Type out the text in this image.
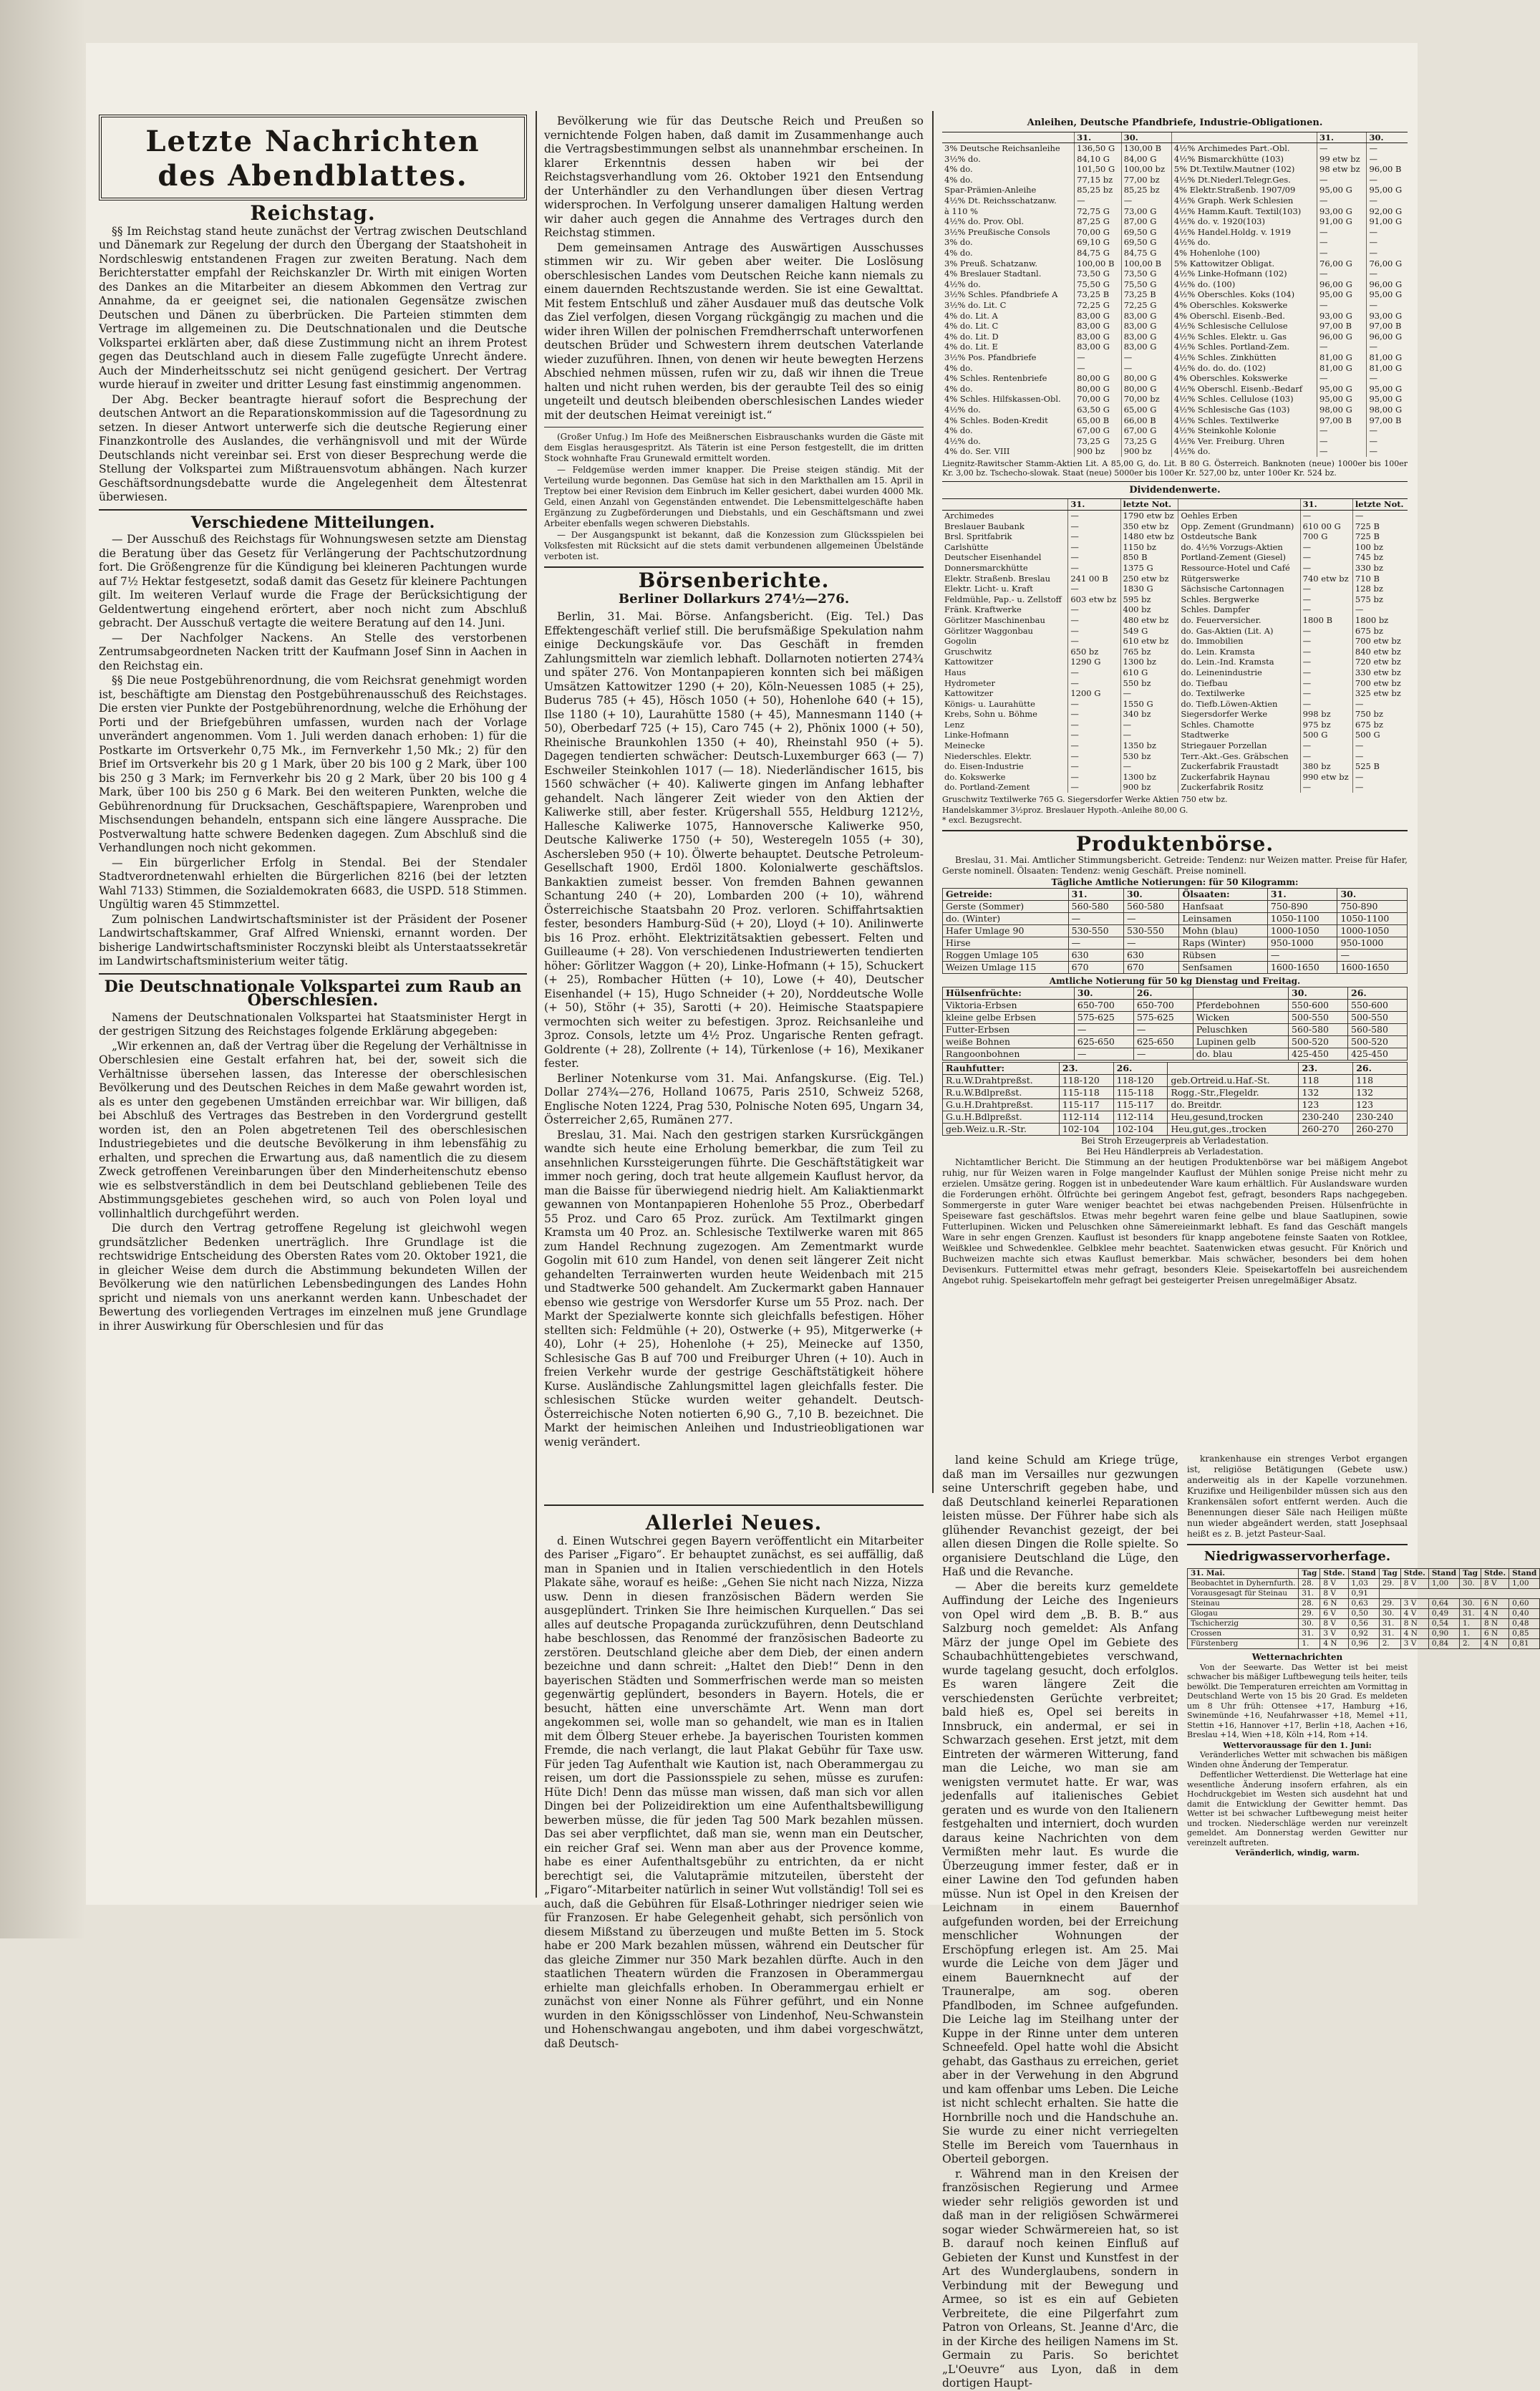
Letzte Nachrichten
des Abendblattes.
Reichstag.

§§ Im Reichstag stand heute zunächst der Vertrag zwischen Deutschland und Dänemark zur Regelung der durch den Übergang der Staatshoheit in Nordschleswig entstandenen Fragen zur zweiten Beratung. Nach dem Berichterstatter empfahl der Reichskanzler Dr. Wirth mit einigen Worten des Dankes an die Mitarbeiter an diesem Abkommen den Vertrag zur Annahme, da er geeignet sei, die nationalen Gegensätze zwischen Deutschen und Dänen zu überbrücken. Die Parteien stimmten dem Vertrage im allgemeinen zu. Die Deutschnationalen und die Deutsche Volkspartei erklärten aber, daß diese Zustimmung nicht an ihrem Protest gegen das Deutschland auch in diesem Falle zugefügte Unrecht ändere. Auch der Minderheitsschutz sei nicht genügend gesichert. Der Vertrag wurde hierauf in zweiter und dritter Lesung fast einstimmig angenommen.

Der Abg. Becker beantragte hierauf sofort die Besprechung der deutschen Antwort an die Reparationskommission auf die Tagesordnung zu setzen. In dieser Antwort unterwerfe sich die deutsche Regierung einer Finanzkontrolle des Auslandes, die verhängnisvoll und mit der Würde Deutschlands nicht vereinbar sei. Erst von dieser Besprechung werde die Stellung der Volkspartei zum Mißtrauensvotum abhängen. Nach kurzer Geschäftsordnungsdebatte wurde die Angelegenheit dem Ältestenrat überwiesen.

Verschiedene Mitteilungen.

— Der Ausschuß des Reichstags für Wohnungswesen setzte am Dienstag die Beratung über das Gesetz für Verlängerung der Pachtschutzordnung fort. Die Größengrenze für die Kündigung bei kleineren Pachtungen wurde auf 7½ Hektar festgesetzt, sodaß damit das Gesetz für kleinere Pachtungen gilt. Im weiteren Verlauf wurde die Frage der Berücksichtigung der Geldentwertung eingehend erörtert, aber noch nicht zum Abschluß gebracht. Der Ausschuß vertagte die weitere Beratung auf den 14. Juni.

— Der Nachfolger Nackens. An Stelle des verstorbenen Zentrumsabgeordneten Nacken tritt der Kaufmann Josef Sinn in Aachen in den Reichstag ein.

§§ Die neue Postgebührenordnung, die vom Reichsrat genehmigt worden ist, beschäftigte am Dienstag den Postgebührenausschuß des Reichstages. Die ersten vier Punkte der Postgebührenordnung, welche die Erhöhung der Porti und der Briefgebühren umfassen, wurden nach der Vorlage unverändert angenommen. Vom 1. Juli werden danach erhoben: 1) für die Postkarte im Ortsverkehr 0,75 Mk., im Fernverkehr 1,50 Mk.; 2) für den Brief im Ortsverkehr bis 20 g 1 Mark, über 20 bis 100 g 2 Mark, über 100 bis 250 g 3 Mark; im Fernverkehr bis 20 g 2 Mark, über 20 bis 100 g 4 Mark, über 100 bis 250 g 6 Mark. Bei den weiteren Punkten, welche die Gebührenordnung für Drucksachen, Geschäftspapiere, Warenproben und Mischsendungen behandeln, entspann sich eine längere Aussprache. Die Postverwaltung hatte schwere Bedenken dagegen. Zum Abschluß sind die Verhandlungen noch nicht gekommen.

— Ein bürgerlicher Erfolg in Stendal. Bei der Stendaler Stadtverordnetenwahl erhielten die Bürgerlichen 8216 (bei der letzten Wahl 7133) Stimmen, die Sozialdemokraten 6683, die USPD. 518 Stimmen. Ungültig waren 45 Stimmzettel.

Zum polnischen Landwirtschaftsminister ist der Präsident der Posener Landwirtschaftskammer, Graf Alfred Wnienski, ernannt worden. Der bisherige Landwirtschaftsminister Roczynski bleibt als Unterstaatssekretär im Landwirtschaftsministerium weiter tätig.

Die Deutschnationale Volkspartei zum Raub an Oberschlesien.

Namens der Deutschnationalen Volkspartei hat Staatsminister Hergt in der gestrigen Sitzung des Reichstages folgende Erklärung abgegeben:

„Wir erkennen an, daß der Vertrag über die Regelung der Verhältnisse in Oberschlesien eine Gestalt erfahren hat, bei der, soweit sich die Verhältnisse übersehen lassen, das Interesse der oberschlesischen Bevölkerung und des Deutschen Reiches in dem Maße gewahrt worden ist, als es unter den gegebenen Umständen erreichbar war. Wir billigen, daß bei Abschluß des Vertrages das Bestreben in den Vordergrund gestellt worden ist, den an Polen abgetretenen Teil des oberschlesischen Industriegebietes und die deutsche Bevölkerung in ihm lebensfähig zu erhalten, und sprechen die Erwartung aus, daß namentlich die zu diesem Zweck getroffenen Vereinbarungen über den Minderheitenschutz ebenso wie es selbstverständlich in dem bei Deutschland gebliebenen Teile des Abstimmungsgebietes geschehen wird, so auch von Polen loyal und vollinhaltlich durchgeführt werden.

Die durch den Vertrag getroffene Regelung ist gleichwohl wegen grundsätzlicher Bedenken unerträglich. Ihre Grundlage ist die rechtswidrige Entscheidung des Obersten Rates vom 20. Oktober 1921, die in gleicher Weise dem durch die Abstimmung bekundeten Willen der Bevölkerung wie den natürlichen Lebensbedingungen des Landes Hohn spricht und niemals von uns anerkannt werden kann. Unbeschadet der Bewertung des vorliegenden Vertrages im einzelnen muß jene Grundlage in ihrer Auswirkung für Oberschlesien und für das

Bevölkerung wie für das Deutsche Reich und Preußen so vernichtende Folgen haben, daß damit im Zusammenhange auch die Vertragsbestimmungen selbst als unannehmbar erscheinen. In klarer Erkenntnis dessen haben wir bei der Reichstagsverhandlung vom 26. Oktober 1921 den Entsendung der Unterhändler zu den Verhandlungen über diesen Vertrag widersprochen. In Verfolgung unserer damaligen Haltung werden wir daher auch gegen die Annahme des Vertrages durch den Reichstag stimmen.

Dem gemeinsamen Antrage des Auswärtigen Ausschusses stimmen wir zu. Wir geben aber weiter. Die Loslösung oberschlesischen Landes vom Deutschen Reiche kann niemals zu einem dauernden Rechtszustande werden. Sie ist eine Gewalttat. Mit festem Entschluß und zäher Ausdauer muß das deutsche Volk das Ziel verfolgen, diesen Vorgang rückgängig zu machen und die wider ihren Willen der polnischen Fremdherrschaft unterworfenen deutschen Brüder und Schwestern ihrem deutschen Vaterlande wieder zuzuführen. Ihnen, von denen wir heute bewegten Herzens Abschied nehmen müssen, rufen wir zu, daß wir ihnen die Treue halten und nicht ruhen werden, bis der geraubte Teil des so einig ungeteilt und deutsch bleibenden oberschlesischen Landes wieder mit der deutschen Heimat vereinigt ist.“

(Großer Unfug.) Im Hofe des Meißnerschen Eisbrauschanks wurden die Gäste mit dem Eisglas herausgespritzt. Als Täterin ist eine Person festgestellt, die im dritten Stock wohnhafte Frau Grunewald ermittelt worden.

— Feldgemüse werden immer knapper. Die Preise steigen ständig. Mit der Verteilung wurde begonnen. Das Gemüse hat sich in den Markthallen am 15. April in Treptow bei einer Revision dem Einbruch im Keller gesichert, dabei wurden 4000 Mk. Geld, einen Anzahl von Gegenständen entwendet. Die Lebensmittelgeschäfte haben Ergänzung zu Zugbeförderungen und Diebstahls, und ein Geschäftsmann und zwei Arbeiter ebenfalls wegen schweren Diebstahls.

— Der Ausgangspunkt ist bekannt, daß die Konzession zum Glücksspielen bei Volksfesten mit Rücksicht auf die stets damit verbundenen allgemeinen Übelstände verboten ist.

Börsenberichte.
Berliner Dollarkurs 274½—276.

Berlin, 31. Mai. Börse. Anfangsbericht. (Eig. Tel.) Das Effektengeschäft verlief still. Die berufsmäßige Spekulation nahm einige Deckungskäufe vor. Das Geschäft in fremden Zahlungsmitteln war ziemlich lebhaft. Dollarnoten notierten 274¾ und später 276. Von Montanpapieren konnten sich bei mäßigen Umsätzen Kattowitzer 1290 (+ 20), Köln-Neuessen 1085 (+ 25), Buderus 785 (+ 45), Hösch 1050 (+ 50), Hohenlohe 640 (+ 15), Ilse 1180 (+ 10), Laurahütte 1580 (+ 45), Mannesmann 1140 (+ 50), Oberbedarf 725 (+ 15), Caro 745 (+ 2), Phönix 1000 (+ 50), Rheinische Braunkohlen 1350 (+ 40), Rheinstahl 950 (+ 5). Dagegen tendierten schwächer: Deutsch-Luxemburger 663 (— 7) Eschweiler Steinkohlen 1017 (— 18). Niederländischer 1615, bis 1560 schwächer (+ 40). Kaliwerte gingen im Anfang lebhafter gehandelt. Nach längerer Zeit wieder von den Aktien der Kaliwerke still, aber fester. Krügershall 555, Heldburg 1212½, Hallesche Kaliwerke 1075, Hannoversche Kaliwerke 950, Deutsche Kaliwerke 1750 (+ 50), Westeregeln 1055 (+ 30), Aschersleben 950 (+ 10). Ölwerte behauptet. Deutsche Petroleum-Gesellschaft 1900, Erdöl 1800. Kolonialwerte geschäftslos. Bankaktien zumeist besser. Von fremden Bahnen gewannen Schantung 240 (+ 20), Lombarden 200 (+ 10), während Österreichische Staatsbahn 20 Proz. verloren. Schiffahrtsaktien fester, besonders Hamburg-Süd (+ 20), Lloyd (+ 10). Anilinwerte bis 16 Proz. erhöht. Elektrizitätsaktien gebessert. Felten und Guilleaume (+ 28). Von verschiedenen Industriewerten tendierten höher: Görlitzer Waggon (+ 20), Linke-Hofmann (+ 15), Schuckert (+ 25), Rombacher Hütten (+ 10), Lowe (+ 40), Deutscher Eisenhandel (+ 15), Hugo Schneider (+ 20), Norddeutsche Wolle (+ 50), Stöhr (+ 35), Sarotti (+ 20). Heimische Staatspapiere vermochten sich weiter zu befestigen. 3proz. Reichsanleihe und 3proz. Consols, letzte um 4½ Proz. Ungarische Renten gefragt. Goldrente (+ 28), Zollrente (+ 14), Türkenlose (+ 16), Mexikaner fester.

Berliner Notenkurse vom 31. Mai. Anfangskurse. (Eig. Tel.) Dollar 274¾—276, Holland 10675, Paris 2510, Schweiz 5268, Englische Noten 1224, Prag 530, Polnische Noten 695, Ungarn 34, Österreicher 2,65, Rumänen 277.

Breslau, 31. Mai. Nach den gestrigen starken Kursrückgängen wandte sich heute eine Erholung bemerkbar, die zum Teil zu ansehnlichen Kurssteigerungen führte. Die Geschäftstätigkeit war immer noch gering, doch trat heute allgemein Kauflust hervor, da man die Baisse für überwiegend niedrig hielt. Am Kaliaktienmarkt gewannen von Montanpapieren Hohenlohe 55 Proz., Oberbedarf 55 Proz. und Caro 65 Proz. zurück. Am Textilmarkt gingen Kramsta um 40 Proz. an. Schlesische Textilwerke waren mit 865 zum Handel Rechnung zugezogen. Am Zementmarkt wurde Gogolin mit 610 zum Handel, von denen seit längerer Zeit nicht gehandelten Terrainwerten wurden heute Weidenbach mit 215 und Stadtwerke 500 gehandelt. Am Zuckermarkt gaben Hannauer ebenso wie gestrige von Wersdorfer Kurse um 55 Proz. nach. Der Markt der Spezialwerte konnte sich gleichfalls befestigen. Höher stellten sich: Feldmühle (+ 20), Ostwerke (+ 95), Mitgerwerke (+ 40), Lohr (+ 25), Hohenlohe (+ 25), Meinecke auf 1350, Schlesische Gas B auf 700 und Freiburger Uhren (+ 10). Auch in freien Verkehr wurde der gestrige Geschäftstätigkeit höhere Kurse. Ausländische Zahlungsmittel lagen gleichfalls fester. Die schlesischen Stücke wurden weiter gehandelt. Deutsch-Österreichische Noten notierten 6,90 G., 7,10 B. bezeichnet. Die Markt der heimischen Anleihen und Industrieobligationen war wenig verändert.

Allerlei Neues.

d. Einen Wutschrei gegen Bayern veröffentlicht ein Mitarbeiter des Pariser „Figaro“. Er behauptet zunächst, es sei auffällig, daß man in Spanien und in Italien verschiedentlich in den Hotels Plakate sähe, worauf es heiße: „Gehen Sie nicht nach Nizza, Nizza usw. Denn in diesen französischen Bädern werden Sie ausgeplündert. Trinken Sie Ihre heimischen Kurquellen.“ Das sei alles auf deutsche Propaganda zurückzuführen, denn Deutschland habe beschlossen, das Renommé der französischen Badeorte zu zerstören. Deutschland gleiche aber dem Dieb, der einen andern bezeichne und dann schreit: „Haltet den Dieb!“ Denn in den bayerischen Städten und Sommerfrischen werde man so meisten gegenwärtig geplündert, besonders in Bayern. Hotels, die er besucht, hätten eine unverschämte Art. Wenn man dort angekommen sei, wolle man so gehandelt, wie man es in Italien mit dem Ölberg Steuer erhebe. Ja bayerischen Touristen kommen Fremde, die nach verlangt, die laut Plakat Gebühr für Taxe usw. Für jeden Tag Aufenthalt wie Kaution ist, nach Oberammergau zu reisen, um dort die Passionsspiele zu sehen, müsse es zurufen: Hüte Dich! Denn das müsse man wissen, daß man sich vor allen Dingen bei der Polizeidirektion um eine Aufenthaltsbewilligung bewerben müsse, die für jeden Tag 500 Mark bezahlen müssen. Das sei aber verpflichtet, daß man sie, wenn man ein Deutscher, ein reicher Graf sei. Wenn man aber aus der Provence komme, habe es einer Aufenthaltsgebühr zu entrichten, da er nicht berechtigt sei, die Valutaprämie mitzuteilen, übersteht der „Figaro“-Mitarbeiter natürlich in seiner Wut vollständig! Toll sei es auch, daß die Gebühren für Elsaß-Lothringer niedriger seien wie für Franzosen. Er habe Gelegenheit gehabt, sich persönlich von diesem Mißstand zu überzeugen und mußte Betten im 5. Stock habe er 200 Mark bezahlen müssen, während ein Deutscher für das gleiche Zimmer nur 350 Mark bezahlen dürfte. Auch in den staatlichen Theatern würden die Franzosen in Oberammergau erhielte man gleichfalls erhoben. In Oberammergau erhielt er zunächst von einer Nonne als Führer geführt, und ein Nonne wurden in den Königsschlösser von Lindenhof, Neu-Schwanstein und Hohenschwangau angeboten, und ihm dabei vorgeschwätzt, daß Deutsch-

land keine Schuld am Kriege trüge, daß man im Versailles nur gezwungen seine Unterschrift gegeben habe, und daß Deutschland keinerlei Reparationen leisten müsse. Der Führer habe sich als glühender Revanchist gezeigt, der bei allen diesen Dingen die Rolle spielte. So organisiere Deutschland die Lüge, den Haß und die Revanche.

— Aber die bereits kurz gemeldete Auffindung der Leiche des Ingenieurs von Opel wird dem „B. B. B.“ aus Salzburg noch gemeldet: Als Anfang März der junge Opel im Gebiete des Schaubachhüttengebietes verschwand, wurde tagelang gesucht, doch erfolglos. Es waren längere Zeit die verschiedensten Gerüchte verbreitet; bald hieß es, Opel sei bereits in Innsbruck, ein andermal, er sei in Schwarzach gesehen. Erst jetzt, mit dem Eintreten der wärmeren Witterung, fand man die Leiche, wo man sie am wenigsten vermutet hatte. Er war, was jedenfalls auf italienisches Gebiet geraten und es wurde von den Italienern festgehalten und interniert, doch wurden daraus keine Nachrichten von dem Vermißten mehr laut. Es wurde die Überzeugung immer fester, daß er in einer Lawine den Tod gefunden haben müsse. Nun ist Opel in den Kreisen der Leichnam in einem Bauernhof aufgefunden worden, bei der Erreichung menschlicher Wohnungen der Erschöpfung erlegen ist. Am 25. Mai wurde die Leiche von dem Jäger und einem Bauernknecht auf der Trauneralpe, am sog. oberen Pfandlboden, im Schnee aufgefunden. Die Leiche lag im Steilhang unter der Kuppe in der Rinne unter dem unteren Schneefeld. Opel hatte wohl die Absicht gehabt, das Gasthaus zu erreichen, geriet aber in der Verwehung in den Abgrund und kam offenbar ums Leben. Die Leiche ist nicht schlecht erhalten. Sie hatte die Hornbrille noch und die Handschuhe an. Sie wurde zu einer nicht verriegelten Stelle im Bereich vom Tauernhaus in Oberteil geborgen.

r. Während man in den Kreisen der französischen Regierung und Armee wieder sehr religiös geworden ist und daß man in der religiösen Schwärmerei sogar wieder Schwärmereien hat, so ist B. darauf noch keinen Einfluß auf Gebieten der Kunst und Kunstfest in der Art des Wunderglaubens, sondern in Verbindung mit der Bewegung und Armee, so ist es ein auf Gebieten Verbreitete, die eine Pilgerfahrt zum Patron von Orleans, St. Jeanne d'Arc, die in der Kirche des heiligen Namens im St. Germain zu Paris. So berichtet „L'Oeuvre“ aus Lyon, daß in dem dortigen Haupt-

Anleihen, Deutsche Pfandbriefe, Industrie-Obligationen.
	31.	30.		31.	30.
3% Deutsche Reichsanleihe	136,50 G	130,00 B	4½% Archimedes Part.-Obl.	—	—
3½% do.	84,10 G	84,00 G	4½% Bismarckhütte (103)	99 etw bz	—
4% do.	101,50 G	100,00 bz	5% Dt.Textilw.Mautner (102)	98 etw bz	96,00 B
4% do.	77,15 bz	77,00 bz	4½% Dt.Niederl.Telegr.Ges.	—	—
Spar-Prämien-Anleihe	85,25 bz	85,25 bz	4% Elektr.Straßenb. 1907/09	95,00 G	95,00 G
4½% Dt. Reichsschatzanw.	—	—	4½% Graph. Werk Schlesien	—	—
à 110 %	72,75 G	73,00 G	4½% Hamm.Kauft. Textil(103)	93,00 G	92,00 G
4½% do. Prov. Obl.	87,25 G	87,00 G	4½% do. v. 1920(103)	91,00 G	91,00 G
3½% Preußische Consols	70,00 G	69,50 G	4½% Handel.Holdg. v. 1919	—	—
3% do.	69,10 G	69,50 G	4½% do.	—	—
4% do.	84,75 G	84,75 G	4% Hohenlohe (100)	—	—
3% Preuß. Schatzanw.	100,00 B	100,00 B	5% Kattowitzer Obligat.	76,00 G	76,00 G
4% Breslauer Stadtanl.	73,50 G	73,50 G	4½% Linke-Hofmann (102)	—	—
4½% do.	75,50 G	75,50 G	4½% do. (100)	96,00 G	96,00 G
3½% Schles. Pfandbriefe A	73,25 B	73,25 B	4½% Oberschles. Koks (104)	95,00 G	95,00 G
3½% do. Lit. C	72,25 G	72,25 G	4% Oberschles. Kokswerke	—	—
4% do. Lit. A	83,00 G	83,00 G	4% Oberschl. Eisenb.-Bed.	93,00 G	93,00 G
4% do. Lit. C	83,00 G	83,00 G	4½% Schlesische Cellulose	97,00 B	97,00 B
4% do. Lit. D	83,00 G	83,00 G	4½% Schles. Elektr. u. Gas	96,00 G	96,00 G
4% do. Lit. E	83,00 G	83,00 G	4½% Schles. Portland-Zem.	—	—
3½% Pos. Pfandbriefe	—	—	4½% Schles. Zinkhütten	81,00 G	81,00 G
4% do.	—	—	4½% do. do. do. (102)	81,00 G	81,00 G
4% Schles. Rentenbriefe	80,00 G	80,00 G	4% Oberschles. Kokswerke	—	—
4% do.	80,00 G	80,00 G	4½% Oberschl. Eisenb.-Bedarf	95,00 G	95,00 G
4% Schles. Hilfskassen-Obl.	70,00 G	70,00 bz	4½% Schles. Cellulose (103)	95,00 G	95,00 G
4½% do.	63,50 G	65,00 G	4½% Schlesische Gas (103)	98,00 G	98,00 G
4% Schles. Boden-Kredit	65,00 B	66,00 B	4½% Schles. Textilwerke	97,00 B	97,00 B
4% do.	67,00 G	67,00 G	4½% Steinkohle Kolonie	—	—
4½% do.	73,25 G	73,25 G	4½% Ver. Freiburg. Uhren	—	—
4% do. Ser. VIII	900 bz	900 bz	4½% do.	—	—

Liegnitz-Rawitscher Stamm-Aktien Lit. A 85,00 G, do. Lit. B 80 G. Österreich. Banknoten (neue) 1000er bis 100er Kr. 3,00 bz. Tschecho-slowak. Staat (neue) 5000er bis 100er Kr. 527,00 bz, unter 100er Kr. 524 bz.

Dividendenwerte.
	31.	letzte Not.		31.	letzte Not.
Archimedes	—	1790 etw bz	Oehles Erben	—	—
Breslauer Baubank	—	350 etw bz	Opp. Zement (Grundmann)	610 00 G	725 B
Brsl. Spritfabrik	—	1480 etw bz	Ostdeutsche Bank	700 G	725 B
Carlshütte	—	1150 bz	do. 4½% Vorzugs-Aktien	—	100 bz
Deutscher Eisenhandel	—	850 B	Portland-Zement (Giesel)	—	745 bz
Donnersmarckhütte	—	1375 G	Ressource-Hotel und Café	—	330 bz
Elektr. Straßenb. Breslau	241 00 B	250 etw bz	Rütgerswerke	740 etw bz	710 B
Elektr. Licht- u. Kraft	—	1830 G	Sächsische Cartonnagen	—	128 bz
Feldmühle, Pap.- u. Zellstoff	603 etw bz	595 bz	Schles. Bergwerke	—	575 bz
Fränk. Kraftwerke	—	400 bz	Schles. Dampfer	—	—
Görlitzer Maschinenbau	—	480 etw bz	do. Feuerversicher.	1800 B	1800 bz
Görlitzer Waggonbau	—	549 G	do. Gas-Aktien (Lit. A)	—	675 bz
Gogolin	—	610 etw bz	do. Immobilien	—	700 etw bz
Gruschwitz	650 bz	765 bz	do. Lein. Kramsta	—	840 etw bz
Kattowitzer	1290 G	1300 bz	do. Lein.-Ind. Kramsta	—	720 etw bz
Haus	—	610 G	do. Leinenindustrie	—	330 etw bz
Hydrometer	—	550 bz	do. Tiefbau	—	700 etw bz
Kattowitzer	1200 G	—	do. Textilwerke	—	325 etw bz
Königs- u. Laurahütte	—	1550 G	do. Tiefb.Löwen-Aktien	—	—
Krebs, Sohn u. Böhme	—	340 bz	Siegersdorfer Werke	998 bz	750 bz
Lenz	—	—	Schles. Chamotte	975 bz	675 bz
Linke-Hofmann	—	—	Stadtwerke	500 G	500 G
Meinecke	—	1350 bz	Striegauer Porzellan	—	—
Niederschles. Elektr.	—	530 bz	Terr.-Akt.-Ges. Gräbschen	—	—
do. Eisen-Industrie	—	—	Zuckerfabrik Fraustadt	380 bz	525 B
do. Kokswerke	—	1300 bz	Zuckerfabrik Haynau	990 etw bz	—
do. Portland-Zement	—	900 bz	Zuckerfabrik Rositz	—	—

Gruschwitz Textilwerke 765 G. Siegersdorfer Werke Aktien 750 etw bz.

Handelskammer 3½proz. Breslauer Hypoth.-Anleihe 80,00 G.

* excl. Bezugsrecht.

Produktenbörse.

Breslau, 31. Mai. Amtlicher Stimmungsbericht. Getreide: Tendenz: nur Weizen matter. Preise für Hafer, Gerste nominell. Ölsaaten: Tendenz: wenig Geschäft. Preise nominell.

Tägliche Amtliche Notierungen: für 50 Kilogramm:
Getreide:	31.	30.	Ölsaaten:	31.	30.
Gerste (Sommer)	560-580	560-580	Hanfsaat	750-890	750-890
do. (Winter)	—	—	Leinsamen	1050-1100	1050-1100
Hafer Umlage 90	530-550	530-550	Mohn (blau)	1000-1050	1000-1050
Hirse	—	—	Raps (Winter)	950-1000	950-1000
Roggen Umlage 105	630	630	Rübsen	—	—
Weizen Umlage 115	670	670	Senfsamen	1600-1650	1600-1650
Amtliche Notierung für 50 kg Dienstag und Freitag.
Hülsenfrüchte:	30.	26.		30.	26.
Viktoria-Erbsen	650-700	650-700	Pferdebohnen	550-600	550-600
kleine gelbe Erbsen	575-625	575-625	Wicken	500-550	500-550
Futter-Erbsen	—	—	Peluschken	560-580	560-580
weiße Bohnen	625-650	625-650	Lupinen gelb	500-520	500-520
Rangoonbohnen	—	—	do. blau	425-450	425-450
Rauhfutter:	23.	26.		23.	26.
R.u.W.Drahtpreßst.	118-120	118-120	geb.Ortreid.u.Haf.-St.	118	118
R.u.W.Bdlpreßst.	115-118	115-118	Rogg.-Str.,Flegeldr.	132	132
G.u.H.Drahtpreßst.	115-117	115-117	do. Breitdr.	123	123
G.u.H.Bdlpreßst.	112-114	112-114	Heu,gesund,trocken	230-240	230-240
geb.Weiz.u.R.-Str.	102-104	102-104	Heu,gut,ges.,trocken	260-270	260-270
Bei Stroh Erzeugerpreis ab Verladestation.
Bei Heu Händlerpreis ab Verladestation.

Nichtamtlicher Bericht. Die Stimmung an der heutigen Produktenbörse war bei mäßigem Angebot ruhig, nur für Weizen waren in Folge mangelnder Kauflust der Mühlen sonige Preise nicht mehr zu erzielen. Umsätze gering. Roggen ist in unbedeutender Ware kaum erhältlich. Für Auslandsware wurden die Forderungen erhöht. Ölfrüchte bei geringem Angebot fest, gefragt, besonders Raps nachgegeben. Sommergerste in guter Ware weniger beachtet bei etwas nachgebenden Preisen. Hülsenfrüchte in Speiseware fast geschäftslos. Etwas mehr begehrt waren feine gelbe und blaue Saatlupinen, sowie Futterlupinen. Wicken und Peluschken ohne Sämereieinmarkt lebhaft. Es fand das Geschäft mangels Ware in sehr engen Grenzen. Kauflust ist besonders für knapp angebotene feinste Saaten von Rotklee, Weißklee und Schwedenklee. Gelbklee mehr beachtet. Saatenwicken etwas gesucht. Für Knörich und Buchweizen machte sich etwas Kauflust bemerkbar. Mais schwächer, besonders bei dem hohen Devisenkurs. Futtermittel etwas mehr gefragt, besonders Kleie. Speisekartoffeln bei ausreichendem Angebot ruhig. Speisekartoffeln mehr gefragt bei gesteigerter Preisen unregelmäßiger Absatz.

krankenhause ein strenges Verbot ergangen ist, religiöse Betätigungen (Gebete usw.) anderweitig als in der Kapelle vorzunehmen. Kruzifixe und Heiligenbilder müssen sich aus den Krankensälen sofort entfernt werden. Auch die Benennungen dieser Säle nach Heiligen müßte nun wieder abgeändert werden, statt Josephsaal heißt es z. B. jetzt Pasteur-Saal.

Niedrigwasservorherfage.
31. Mai.	Tag	Stde.	Stand	Tag	Stde.	Stand	Tag	Stde.	Stand
Beobachtet in Dyhernfurth.	28.	8 V	1,03	29.	8 V	1,00	30.	8 V	1,00
Vorausgesagt für Steinau	31.	8 V	0,91						
Steinau	28.	6 N	0,63	29.	3 V	0,64	30.	6 N	0,60
Glogau	29.	6 V	0,50	30.	4 V	0,49	31.	4 N	0,40
Tschicherzig	30.	8 V	0,56	31.	8 N	0,54	1.	8 N	0,48
Crossen	31.	3 V	0,92	31.	4 N	0,90	1.	6 N	0,85
Fürstenberg	1.	4 N	0,96	2.	3 V	0,84	2.	4 N	0,81
Wetternachrichten

Von der Seewarte. Das Wetter ist bei meist schwacher bis mäßiger Luftbewegung teils heiter, teils bewölkt. Die Temperaturen erreichten am Vormittag in Deutschland Werte von 15 bis 20 Grad. Es meldeten um 8 Uhr früh: Ottensee +17, Hamburg +16, Swinemünde +16, Neufahrwasser +18, Memel +11, Stettin +16, Hannover +17, Berlin +18, Aachen +16, Breslau +14, Wien +18, Köln +14, Rom +14.

Wettervoraussage für den 1. Juni:

Veränderliches Wetter mit schwachen bis mäßigen Winden ohne Änderung der Temperatur.

Deffentlicher Wetterdienst. Die Wetterlage hat eine wesentliche Änderung insofern erfahren, als ein Hochdruckgebiet im Westen sich ausdehnt hat und damit die Entwicklung der Gewitter hemmt. Das Wetter ist bei schwacher Luftbewegung meist heiter und trocken. Niederschläge werden nur vereinzelt gemeldet. Am Donnerstag werden Gewitter nur vereinzelt auftreten.

Veränderlich, windig, warm.
